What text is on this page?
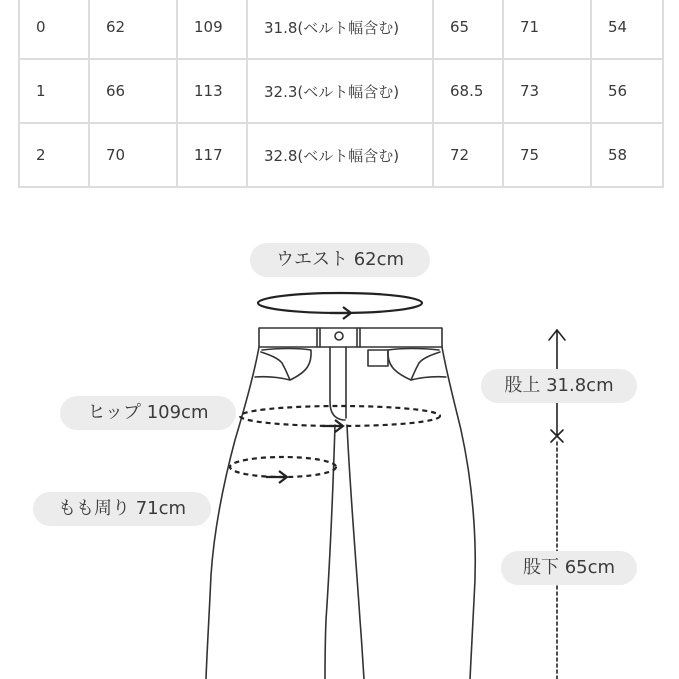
0	62	109	31.8(ベルト幅含む)	65	71	54
1	66	113	32.3(ベルト幅含む)	68.5	73	56
2	70	117	32.8(ベルト幅含む)	72	75	58
ウエスト 62cm
ヒップ 109cm
もも周り 71cm
股上 31.8cm
股下 65cm
